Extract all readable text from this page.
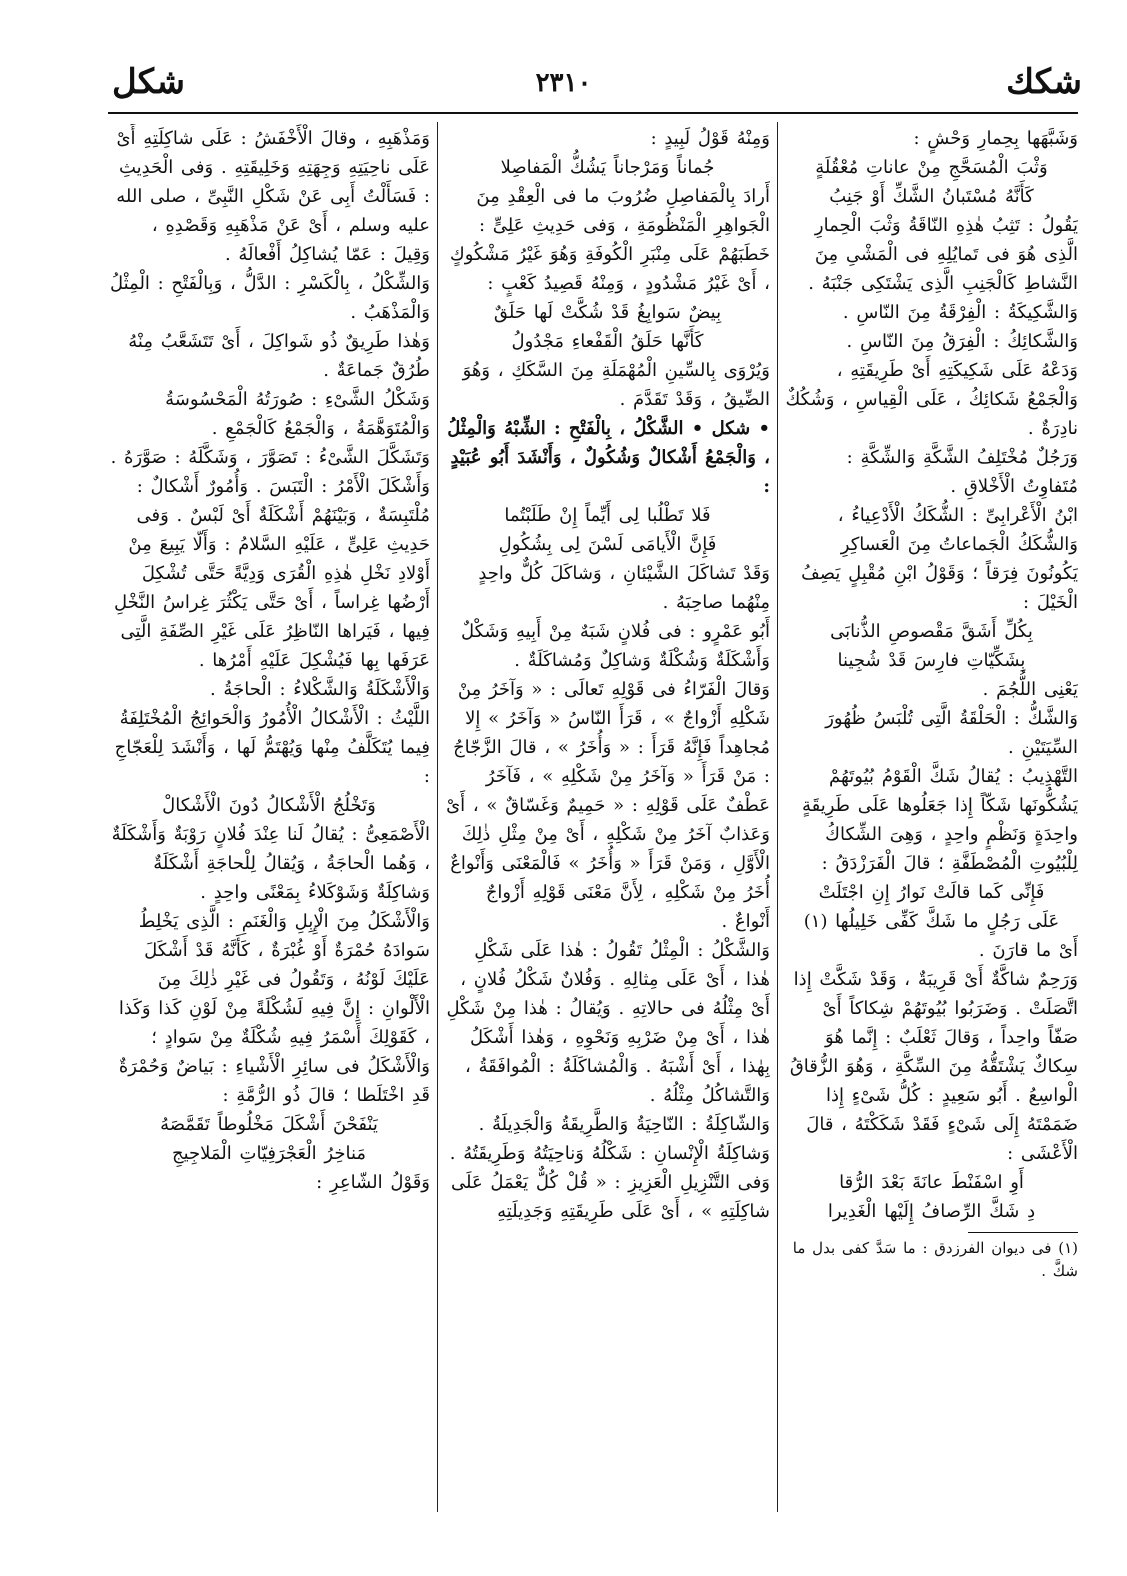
شكك
٢٣١٠
شكل

وَشَبَّهَها بِحِمارِ وَحْشٍ :

وَثْبَ الْمُسَحَّجِ مِنْ عاناتِ مُعْقُلَةٍ

كَأَنَّهُ مُسْتَبانُ الشَّكِّ أَوْ جَنِبُ

يَقُولُ : تَثِبُ هٰذِهِ النّاقَةُ وَثْبَ الْحِمارِ الَّذِى هُوَ فى تَمايُلِهِ فى الْمَشْىِ مِنَ النَّشاطِ كَالْجَنِبِ الَّذِى يَشْتَكِى جَنْبَهُ .

وَالشَّكِيكَةُ : الْفِرْقَةُ مِنَ النّاسِ .

وَالشَّكائِكُ : الْفِرَقُ مِنَ النّاسِ .

وَدَعْهُ عَلَى شَكِيكَتِهِ أَىْ طَرِيقَتِهِ ، وَالْجَمْعُ شَكائِكُ ، عَلَى الْقِياسِ ، وَشُكُكٌ نادِرَةٌ .

وَرَجُلٌ مُخْتَلِفُ الشَّكَّةِ وَالشِّكَّةِ : مُتَفاوِتُ الْأَخْلاقِ .

ابْنُ الْأَعْرابِىِّ : الشُّكَكُ الْأَدْعِياءُ ، وَالشُّكَكُ الْجَماعاتُ مِنَ الْعَساكِرِ يَكُونُونَ فِرَقاً ؛ وَقَوْلُ ابْنِ مُقْبِلٍ يَصِفُ الْخَيْلَ :

بِكُلِّ أَشَقَّ مَقْصوصِ الذُّنابَى

بِشَكِّيّاتِ فارِسَ قَدْ شُجِينا

يَعْنِى اللُّجُمَ .

وَالشَّكُّ : الْحَلْقَةُ الَّتِى تُلْبَسُ ظُهُورَ السِّيَتَيْنِ .

التَّهْذِيبُ : يُقالُ شَكَّ الْقَوْمُ بُيُوتَهُمْ يَشُكُّونَها شَكّاً إِذا جَعَلُوها عَلَى طَرِيقَةٍ واحِدَةٍ وَنَظْمٍ واحِدٍ ، وَهِىَ الشِّكاكُ لِلْبُيُوتِ الْمُصْطَفَّةِ ؛ قالَ الْفَرَزْدَقُ :

فَإِنِّى كَما قالَتْ نَوارُ إِنِ اجْتَلَتْ

عَلَى رَجُلٍ ما شَكَّ كَفِّى خَلِيلُها (١)

أَىْ ما قارَنَ .

وَرَحِمٌ شاكَّةٌ أَىْ قَرِيبَةٌ ، وَقَدْ شَكَّتْ إِذا اتَّصَلَتْ . وَضَرَبُوا بُيُوتَهُمْ شِكاكاً أَىْ صَفّاً واحِداً ، وَقالَ ثَعْلَبٌ : إِنَّما هُوَ سِكاكٌ يَشْتَقُّهُ مِنَ السِّكَّةِ ، وَهُوَ الزُّقاقُ الْواسِعُ . أَبُو سَعِيدٍ : كُلُّ شَىْءٍ إِذا ضَمَمْتَهُ إِلَى شَىْءٍ فَقَدْ شَكَكْتَهُ ، قالَ الْأَعْشَى :

أَوِ اسْفَنْطَ عانَةَ بَعْدَ الرُّقا

دِ شَكَّ الرِّصافُ إِلَيْها الْغَدِيرا

(١) فى ديوان الفرزدق : ما سَدَّ كفى بدل ما شكَّ .

وَمِنْهُ قَوْلُ لَبِيدٍ :

جُماناً وَمَرْجاناً يَشُكُّ الْمَفاصِلا

أَرادَ بِالْمَفاصِلِ ضُرُوبَ ما فى الْعِقْدِ مِنَ الْجَواهِرِ الْمَنْظُومَةِ ، وَفى حَدِيثِ عَلِىٍّ : خَطَبَهُمْ عَلَى مِنْبَرِ الْكُوفَةِ وَهُوَ غَيْرُ مَشْكُوكٍ ، أَىْ غَيْرُ مَشْدُودٍ ، وَمِنْهُ قَصِيدُ كَعْبٍ :

بِيضٌ سَوابِغُ قَدْ شُكَّتْ لَها حَلَقٌ

كَأَنَّها حَلَقُ الْقَفْعاءِ مَجْدُولُ

وَيُرْوَى بِالسِّينِ الْمُهْمَلَةِ مِنَ السَّكَكِ ، وَهُوَ الضِّيقُ ، وَقَدْ تَقَدَّمَ .

• شكل • الشَّكْلُ ، بِالْفَتْحِ : الشِّبْهُ وَالْمِثْلُ ، وَالْجَمْعُ أَشْكالٌ وَشُكُولٌ ، وَأَنْشَدَ أَبُو عُبَيْدٍ :

فَلا تَطْلُبا لِى أَيِّماً إِنْ طَلَبْتُما

فَإِنَّ الْأَيامَى لَسْنَ لِى بِشُكُولِ

وَقَدْ تَشاكَلَ الشَّيْئانِ ، وَشاكَلَ كُلٌّ واحِدٍ مِنْهُما صاحِبَهُ .

أَبُو عَمْرٍو : فى فُلانٍ شَبَهٌ مِنْ أَبِيهِ وَشَكْلٌ وَأَشْكَلَةٌ وَشُكْلَةٌ وَشاكِلٌ وَمُشاكَلَةٌ .

وَقالَ الْفَرّاءُ فى قَوْلِهِ تَعالَى : « وَآخَرُ مِنْ شَكْلِهِ أَزْواجٌ » ، قَرَأَ النّاسُ « وَآخَرُ » إِلا مُجاهِداً فَإِنَّهُ قَرَأَ : « وَأُخَرُ » ، قالَ الزَّجّاجُ : مَنْ قَرَأَ « وَآخَرُ مِنْ شَكْلِهِ » ، فَآخَرُ عَطْفٌ عَلَى قَوْلِهِ : « حَمِيمٌ وَغَسّاقٌ » ، أَىْ وَعَذابٌ آخَرُ مِنْ شَكْلِهِ ، أَىْ مِنْ مِثْلِ ذٰلِكَ الْأَوَّلِ ، وَمَنْ قَرَأَ « وَأُخَرُ » فَالْمَعْنَى وَأَنْواعٌ أُخَرُ مِنْ شَكْلِهِ ، لِأَنَّ مَعْنَى قَوْلِهِ أَزْواجٌ أَنْواعٌ .

وَالشَّكْلُ : الْمِثْلُ تَقُولُ : هٰذا عَلَى شَكْلِ هٰذا ، أَىْ عَلَى مِثالِهِ . وَفُلانٌ شَكْلُ فُلانٍ ، أَىْ مِثْلُهُ فى حالاتِهِ . وَيُقالُ : هٰذا مِنْ شَكْلِ هٰذا ، أَىْ مِنْ ضَرْبِهِ وَنَحْوِهِ ، وَهٰذا أَشْكَلُ بِهٰذا ، أَىْ أَشْبَهُ . وَالْمُشاكَلَةُ : الْمُوافَقَةُ ، وَالتَّشاكُلُ مِثْلُهُ .

وَالشّاكِلَةُ : النّاحِيَةُ وَالطَّرِيقَةُ وَالْجَدِيلَةُ .

وَشاكِلَةُ الْإِنْسانِ : شَكْلُهُ وَناحِيَتُهُ وَطَرِيقَتُهُ .

وَفى التَّنْزِيلِ الْعَزِيزِ : « قُلْ كُلٌّ يَعْمَلُ عَلَى شاكِلَتِهِ » ، أَىْ عَلَى طَرِيقَتِهِ وَجَدِيلَتِهِ

وَمَذْهَبِهِ ، وقالَ الْأَخْفَشُ : عَلَى شاكِلَتِهِ أَىْ عَلَى ناحِيَتِهِ وَجِهَتِهِ وَخَلِيقَتِهِ . وَفى الْحَدِيثِ : فَسَأَلْتُ أَبِى عَنْ شَكْلِ النَّبِىِّ ، صلى الله عليه وسلم ، أَىْ عَنْ مَذْهَبِهِ وَقَصْدِهِ ، وَقِيلَ : عَمّا يُشاكِلُ أَفْعالَهُ .

وَالشِّكْلُ ، بِالْكَسْرِ : الدَّلُّ ، وَبِالْفَتْحِ : الْمِثْلُ وَالْمَذْهَبُ .

وَهٰذا طَرِيقٌ ذُو شَواكِلَ ، أَىْ تَتَشَعَّبُ مِنْهُ طُرُقٌ جَماعَةٌ .

وَشَكْلُ الشَّىْءِ : صُورَتُهُ الْمَحْسُوسَةُ وَالْمُتَوَهَّمَةُ ، وَالْجَمْعُ كَالْجَمْعِ .

وَتَشَكَّلَ الشَّىْءُ : تَصَوَّرَ ، وَشَكَّلَهُ : صَوَّرَهُ .

وَأَشْكَلَ الْأَمْرُ : الْتَبَسَ . وَأُمُورٌ أَشْكالٌ : مُلْتَبِسَةٌ ، وَبَيْنَهُمْ أَشْكَلَةٌ أَىْ لَبْسٌ . وَفى حَدِيثِ عَلِىٍّ ، عَلَيْهِ السَّلامُ : وَأَلّا يَبِيعَ مِنْ أَوْلادِ نَخْلِ هٰذِهِ الْقُرَى وَدِيَّةً حَتَّى تُشْكِلَ أَرْضُها غِراساً ، أَىْ حَتَّى يَكْثُرَ غِراسُ النَّخْلِ فِيها ، فَيَراها النّاظِرُ عَلَى غَيْرِ الصِّفَةِ الَّتِى عَرَفَها بِها فَيُشْكِلَ عَلَيْهِ أَمْرُها .

وَالْأَشْكَلَةُ وَالشَّكْلاءُ : الْحاجَةُ .

اللَّيْثُ : الْأَشْكالُ الْأُمُورُ وَالْحَوائِجُ الْمُخْتَلِفَةُ فِيما يُتَكَلَّفُ مِنْها وَيُهْتَمُّ لَها ، وَأَنْشَدَ لِلْعَجّاجِ :

وَتَخْلُجُ الْأَشْكالُ دُونَ الْأَشْكالْ

الْأَصْمَعِىُّ : يُقالُ لَنا عِنْدَ فُلانٍ رَوْبَةٌ وَأَشْكَلَةٌ ، وَهُما الْحاجَةُ ، وَيُقالُ لِلْحاجَةِ أَشْكَلَةٌ وَشاكِلَةٌ وَشَوْكَلاءُ بِمَعْنًى واحِدٍ .

وَالْأَشْكَلُ مِنَ الْإِبِلِ وَالْغَنَمِ : الَّذِى يَخْلِطُ سَوادَهُ حُمْرَةٌ أَوْ غُبْرَةٌ ، كَأَنَّهُ قَدْ أَشْكَلَ عَلَيْكَ لَوْنُهُ ، وَتَقُولُ فى غَيْرِ ذٰلِكَ مِنَ الْأَلْوانِ : إِنَّ فِيهِ لَشُكْلَةً مِنْ لَوْنِ كَذا وَكَذا ، كَقَوْلِكَ أَسْمَرُ فِيهِ شُكْلَةٌ مِنْ سَوادٍ ؛ وَالْأَشْكَلُ فى سائِرِ الْأَشْياءِ : بَياضٌ وَحُمْرَةٌ قَدِ اخْتَلَطا ؛ قالَ ذُو الرُّمَّةِ :

يَنْفَحْنَ أَشْكَلَ مَخْلُوطاً تَقَمَّصَهُ

مَناخِرُ الْعَجْرَفِيّاتِ الْمَلاجِيجِ

وَقَوْلُ الشّاعِرِ :
